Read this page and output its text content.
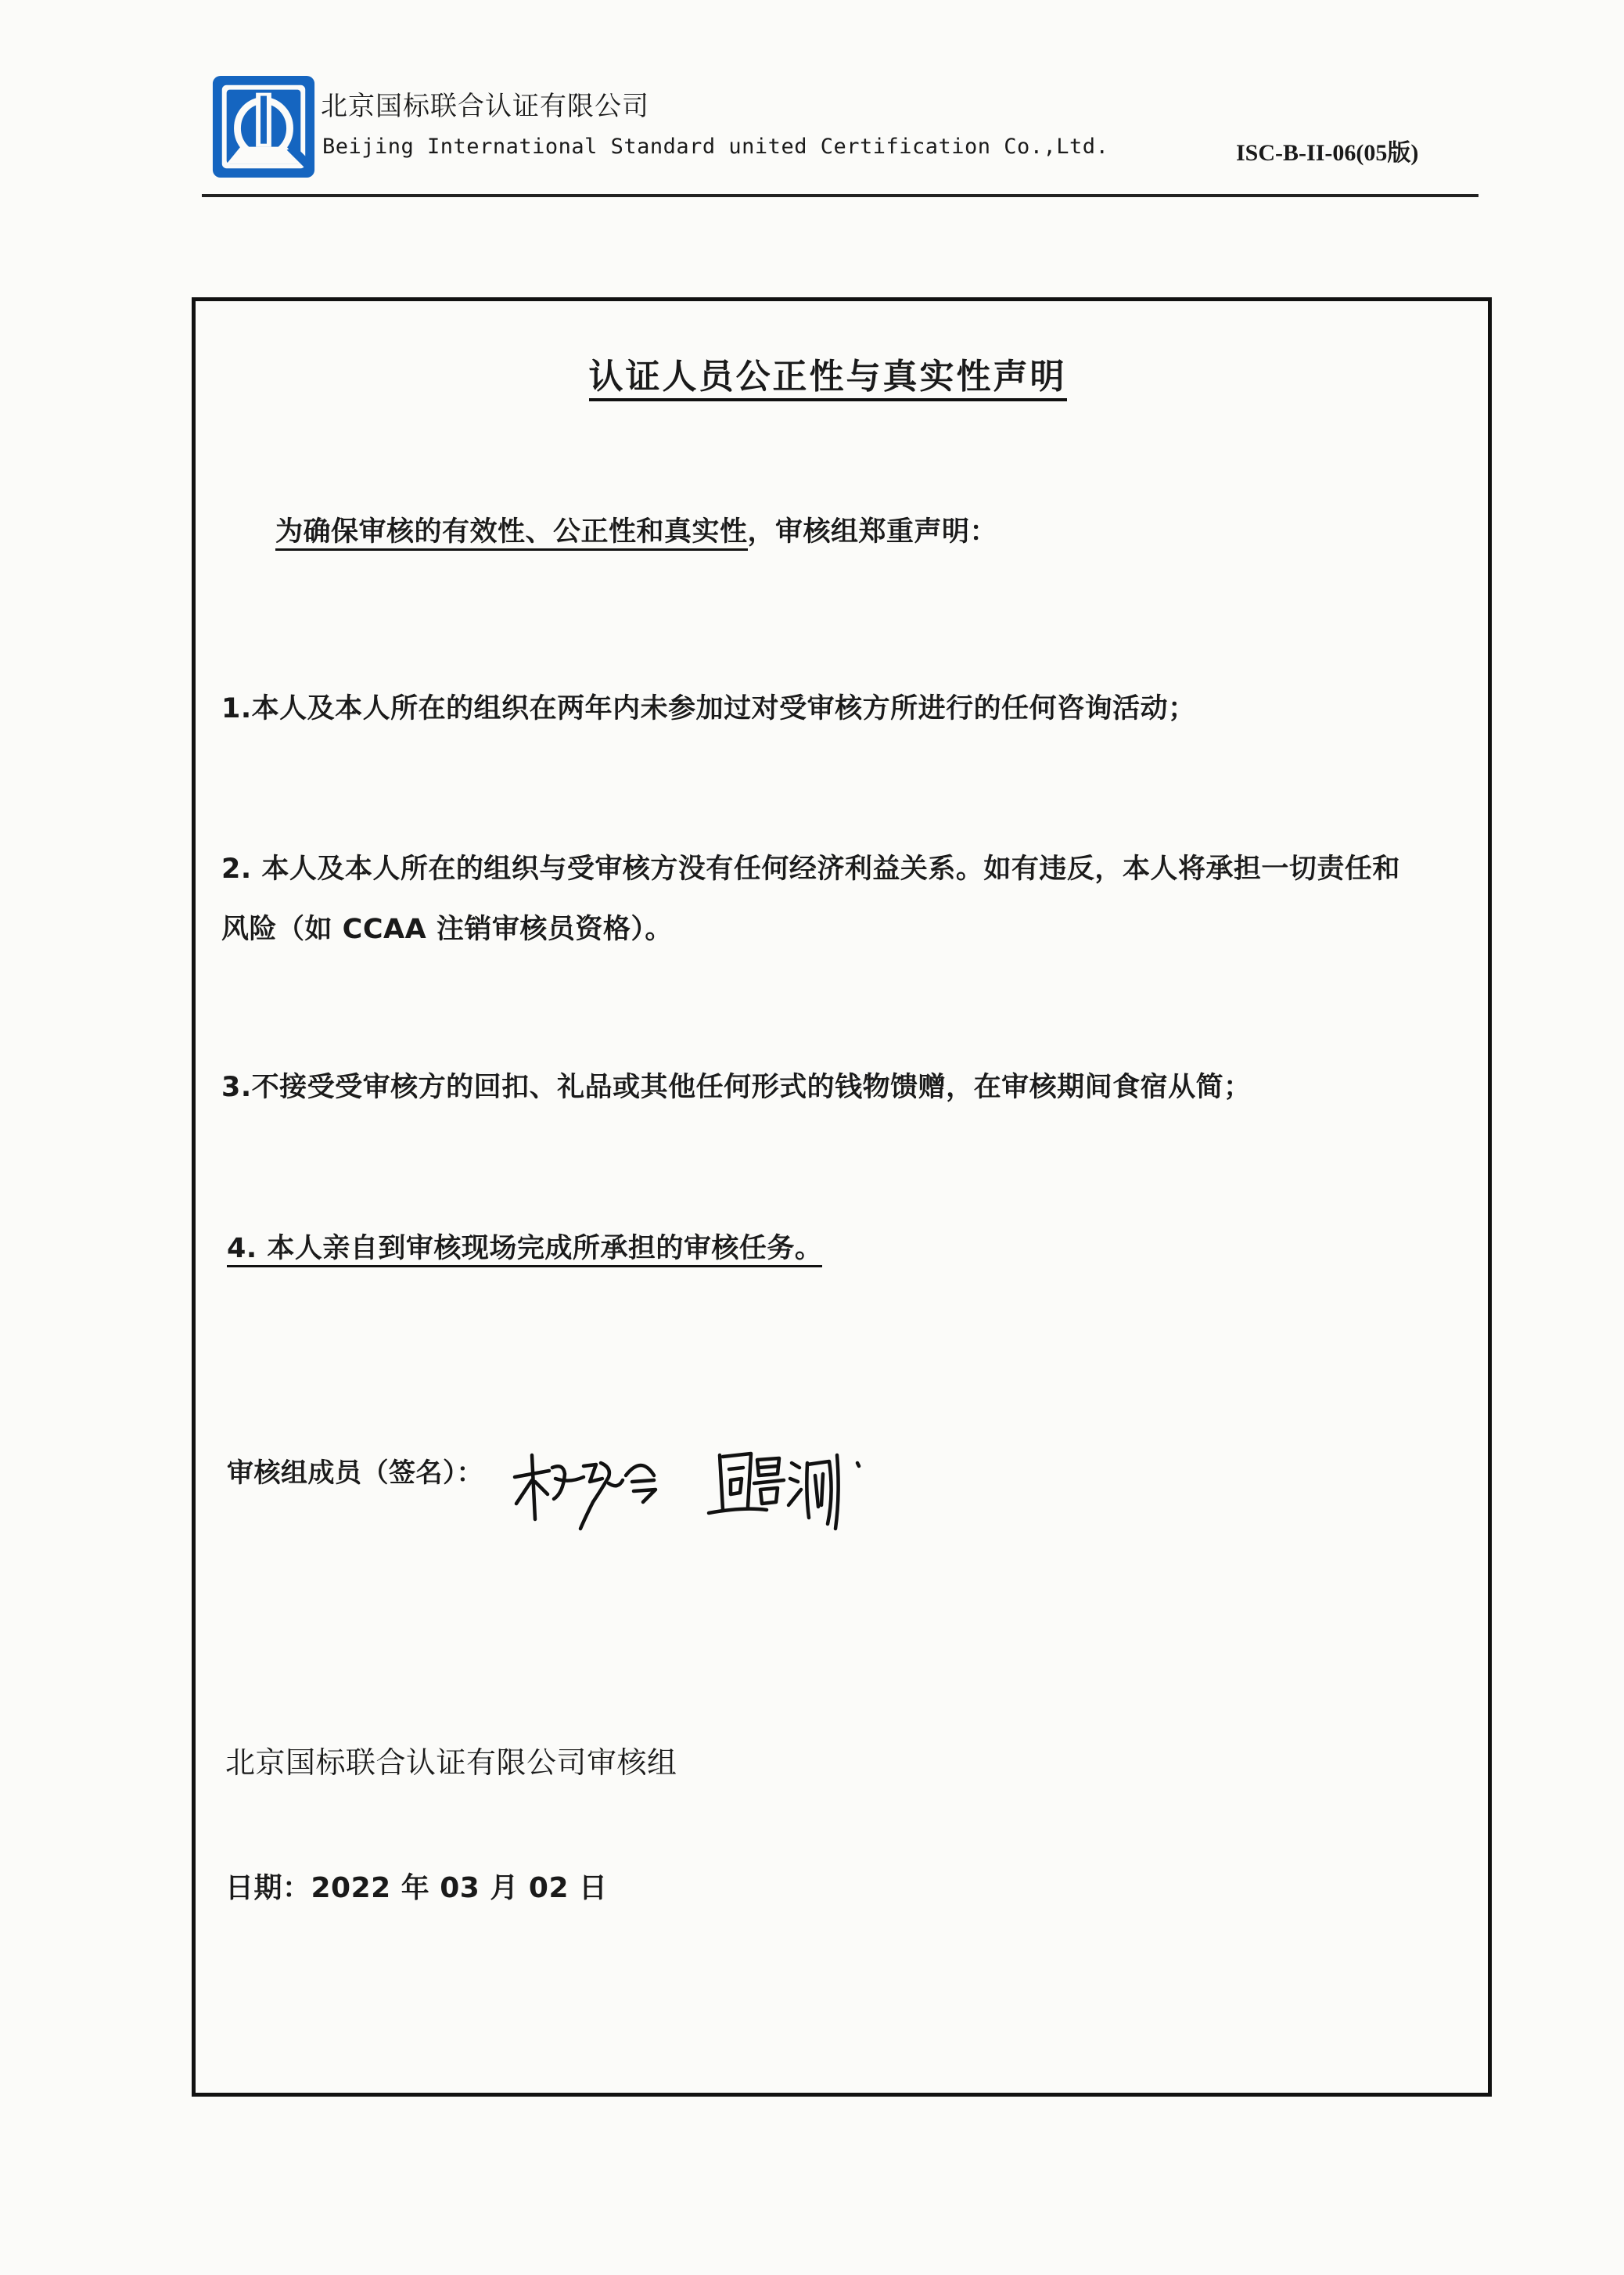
北京国标联合认证有限公司
Beijing International Standard united Certification Co.,Ltd.	ISC-B-II-06(05版)
认证人员公正性与真实性声明
为确保审核的有效性、公正性和真实性，审核组郑重声明：
1.本人及本人所在的组织在两年内未参加过对受审核方所进行的任何咨询活动；
2. 本人及本人所在的组织与受审核方没有任何经济利益关系。如有违反，本人将承担一切责任和
风险（如 CCAA 注销审核员资格）。
3.不接受受审核方的回扣、礼品或其他任何形式的钱物馈赠，在审核期间食宿从简；
4. 本人亲自到审核现场完成所承担的审核任务。
审核组成员（签名）：
北京国标联合认证有限公司审核组
日期：2022 年 03 月 02 日
